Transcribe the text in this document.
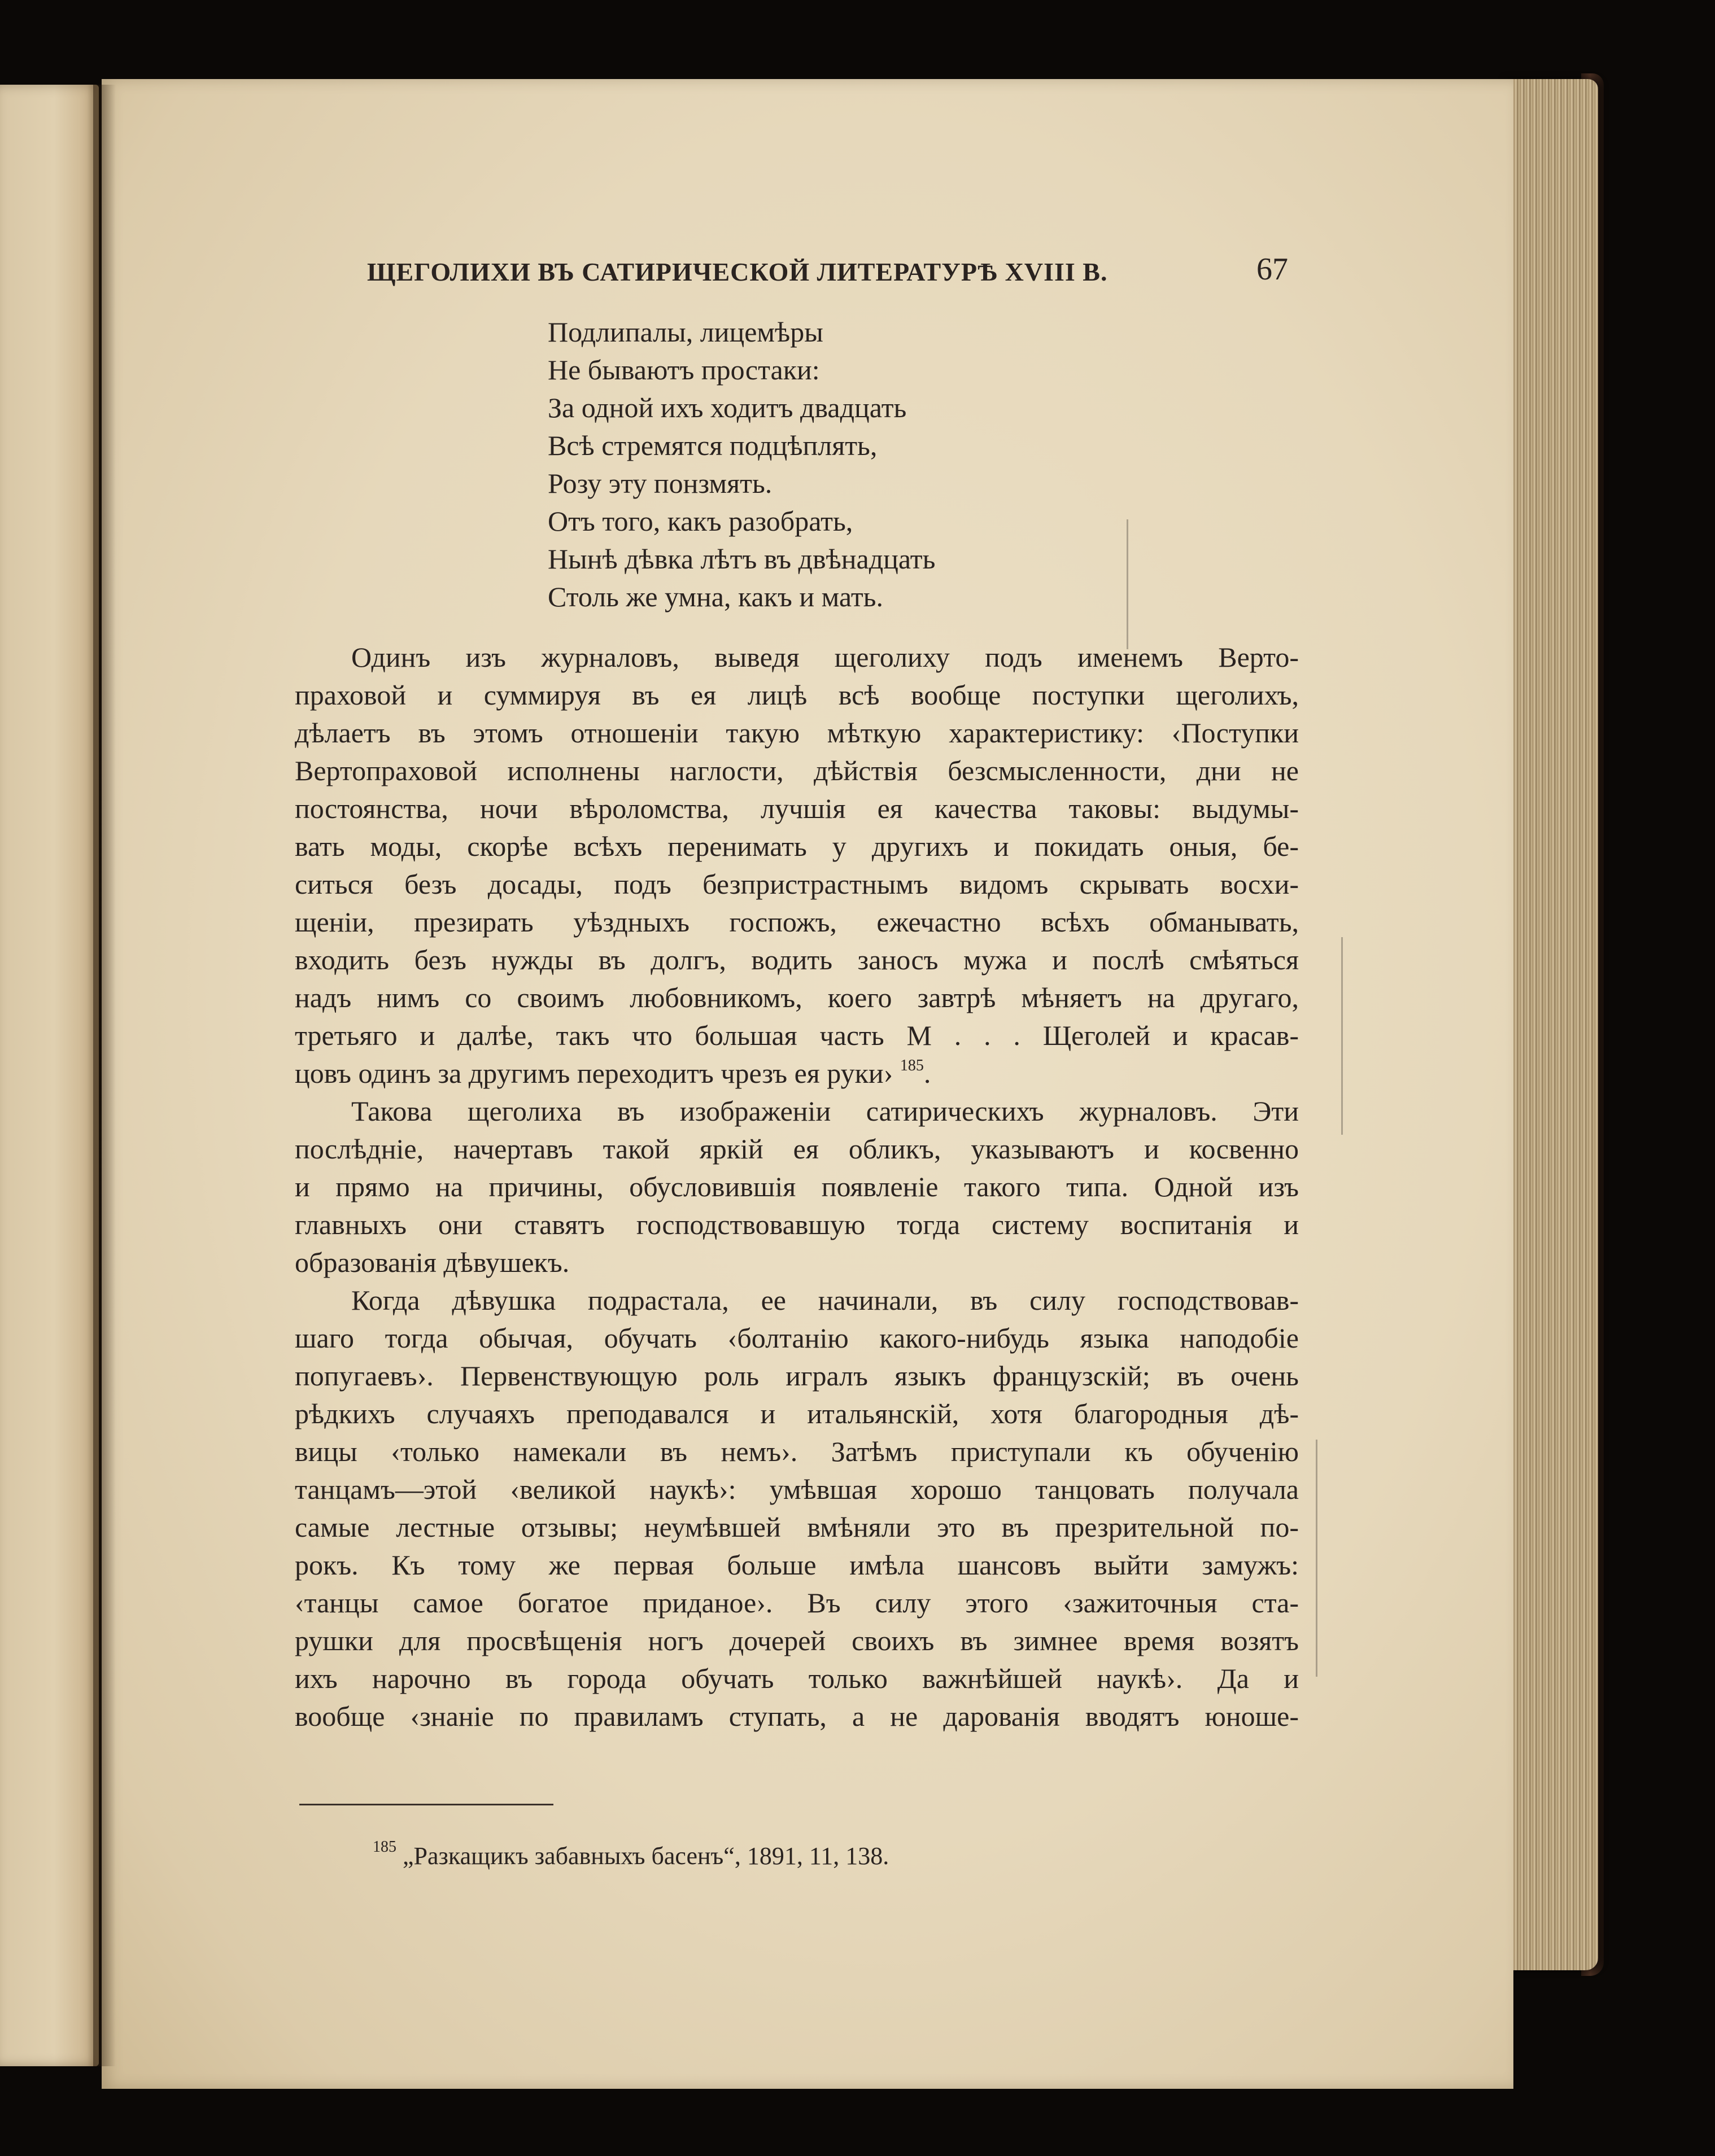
ЩЕГОЛИХИ ВЪ САТИРИЧЕСКОЙ ЛИТЕРАТУРѢ XVIII В.	67
Подлипалы, лицемѣры
Не бываютъ простаки:
За одной ихъ ходитъ двадцать
Всѣ стремятся подцѣплять,
Розу эту понзмять.
Отъ того, какъ разобрать,
Нынѣ дѣвка лѣтъ въ двѣнадцать
Столь же умна, какъ и мать.
Одинъ изъ журналовъ, выведя щеголиху подъ именемъ Верто-
праховой и суммируя въ ея лицѣ всѣ вообще поступки щеголихъ,
дѣлаетъ въ этомъ отношеніи такую мѣткую характеристику: ‹Поступки
Вертопраховой исполнены наглости, дѣйствія безсмысленности, дни не
постоянства, ночи вѣроломства, лучшія ея качества таковы: выдумы-
вать моды, скорѣе всѣхъ перенимать у другихъ и покидать оныя, бе-
ситься безъ досады, подъ безпристрастнымъ видомъ скрывать восхи-
щеніи, презирать уѣздныхъ госпожъ, ежечастно всѣхъ обманывать,
входить безъ нужды въ долгъ, водить заносъ мужа и послѣ смѣяться
надъ нимъ со своимъ любовникомъ, коего завтрѣ мѣняетъ на другаго,
третьяго и далѣе, такъ что большая часть М . . . Щеголей и красав-
цовъ одинъ за другимъ переходитъ чрезъ ея руки› $^{185}$.
Такова щеголиха въ изображеніи сатирическихъ журналовъ. Эти
послѣдніе, начертавъ такой яркій ея обликъ, указываютъ и косвенно
и прямо на причины, обусловившія появленіе такого типа. Одной изъ
главныхъ они ставятъ господствовавшую тогда систему воспитанія и
образованія дѣвушекъ.
Когда дѣвушка подрастала, ее начинали, въ силу господствовав-
шаго тогда обычая, обучать ‹болтанію какого-нибудь языка наподобіе
попугаевъ›. Первенствующую роль игралъ языкъ французскій; въ очень
рѣдкихъ случаяхъ преподавался и итальянскій, хотя благородныя дѣ-
вицы ‹только намекали въ немъ›. Затѣмъ приступали къ обученію
танцамъ—этой ‹великой наукѣ›: умѣвшая хорошо танцовать получала
самые лестные отзывы; неумѣвшей вмѣняли это въ презрительной по-
рокъ. Къ тому же первая больше имѣла шансовъ выйти замужъ:
‹танцы самое богатое приданое›. Въ силу этого ‹зажиточныя ста-
рушки для просвѣщенія ногъ дочерей своихъ въ зимнее время возятъ
ихъ нарочно въ города обучать только важнѣйшей наукѣ›. Да и
вообще ‹знаніе по правиламъ ступать, а не дарованія вводятъ юноше-
$^{185}$ „Разкащикъ забавныхъ басенъ“, 1891, 11, 138.
